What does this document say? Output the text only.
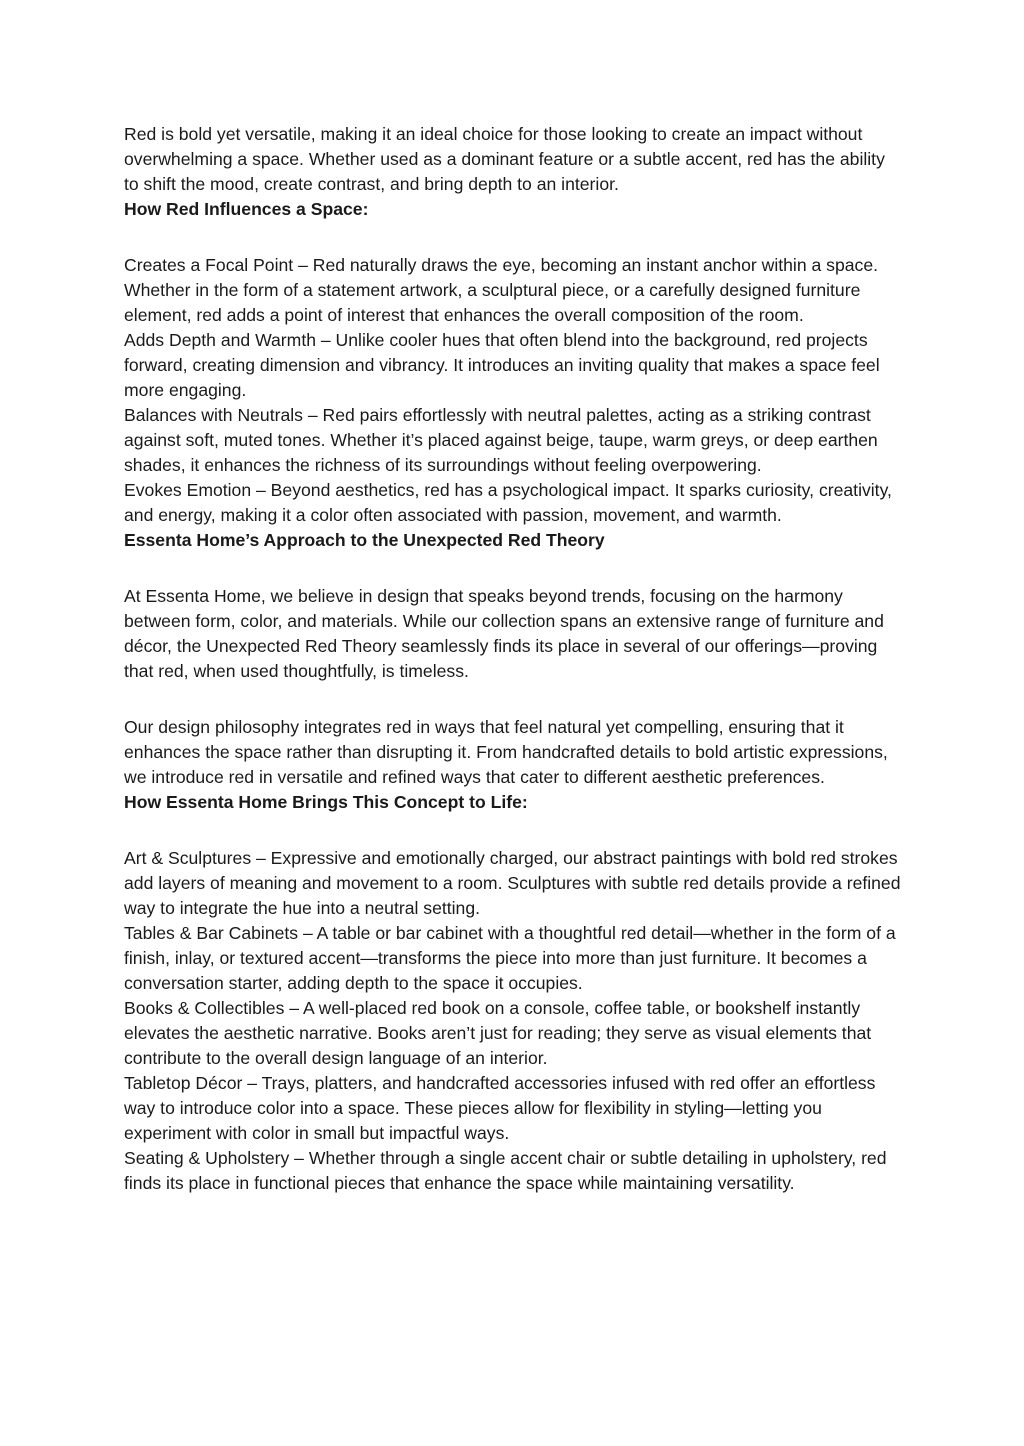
Red is bold yet versatile, making it an ideal choice for those looking to create an impact without overwhelming a space. Whether used as a dominant feature or a subtle accent, red has the ability to shift the mood, create contrast, and bring depth to an interior.

How Red Influences a Space:

Creates a Focal Point – Red naturally draws the eye, becoming an instant anchor within a space. Whether in the form of a statement artwork, a sculptural piece, or a carefully designed furniture element, red adds a point of interest that enhances the overall composition of the room.

Adds Depth and Warmth – Unlike cooler hues that often blend into the background, red projects forward, creating dimension and vibrancy. It introduces an inviting quality that makes a space feel more engaging.

Balances with Neutrals – Red pairs effortlessly with neutral palettes, acting as a striking contrast against soft, muted tones. Whether it’s placed against beige, taupe, warm greys, or deep earthen shades, it enhances the richness of its surroundings without feeling overpowering.

Evokes Emotion – Beyond aesthetics, red has a psychological impact. It sparks curiosity, creativity, and energy, making it a color often associated with passion, movement, and warmth.

Essenta Home’s Approach to the Unexpected Red Theory

At Essenta Home, we believe in design that speaks beyond trends, focusing on the harmony between form, color, and materials. While our collection spans an extensive range of furniture and décor, the Unexpected Red Theory seamlessly finds its place in several of our offerings—proving that red, when used thoughtfully, is timeless.

Our design philosophy integrates red in ways that feel natural yet compelling, ensuring that it enhances the space rather than disrupting it. From handcrafted details to bold artistic expressions, we introduce red in versatile and refined ways that cater to different aesthetic preferences.

How Essenta Home Brings This Concept to Life:

Art & Sculptures – Expressive and emotionally charged, our abstract paintings with bold red strokes add layers of meaning and movement to a room. Sculptures with subtle red details provide a refined way to integrate the hue into a neutral setting.

Tables & Bar Cabinets – A table or bar cabinet with a thoughtful red detail—whether in the form of a finish, inlay, or textured accent—transforms the piece into more than just furniture. It becomes a conversation starter, adding depth to the space it occupies.

Books & Collectibles – A well-placed red book on a console, coffee table, or bookshelf instantly elevates the aesthetic narrative. Books aren’t just for reading; they serve as visual elements that contribute to the overall design language of an interior.

Tabletop Décor – Trays, platters, and handcrafted accessories infused with red offer an effortless way to introduce color into a space. These pieces allow for flexibility in styling—letting you experiment with color in small but impactful ways.

Seating & Upholstery – Whether through a single accent chair or subtle detailing in upholstery, red finds its place in functional pieces that enhance the space while maintaining versatility.
